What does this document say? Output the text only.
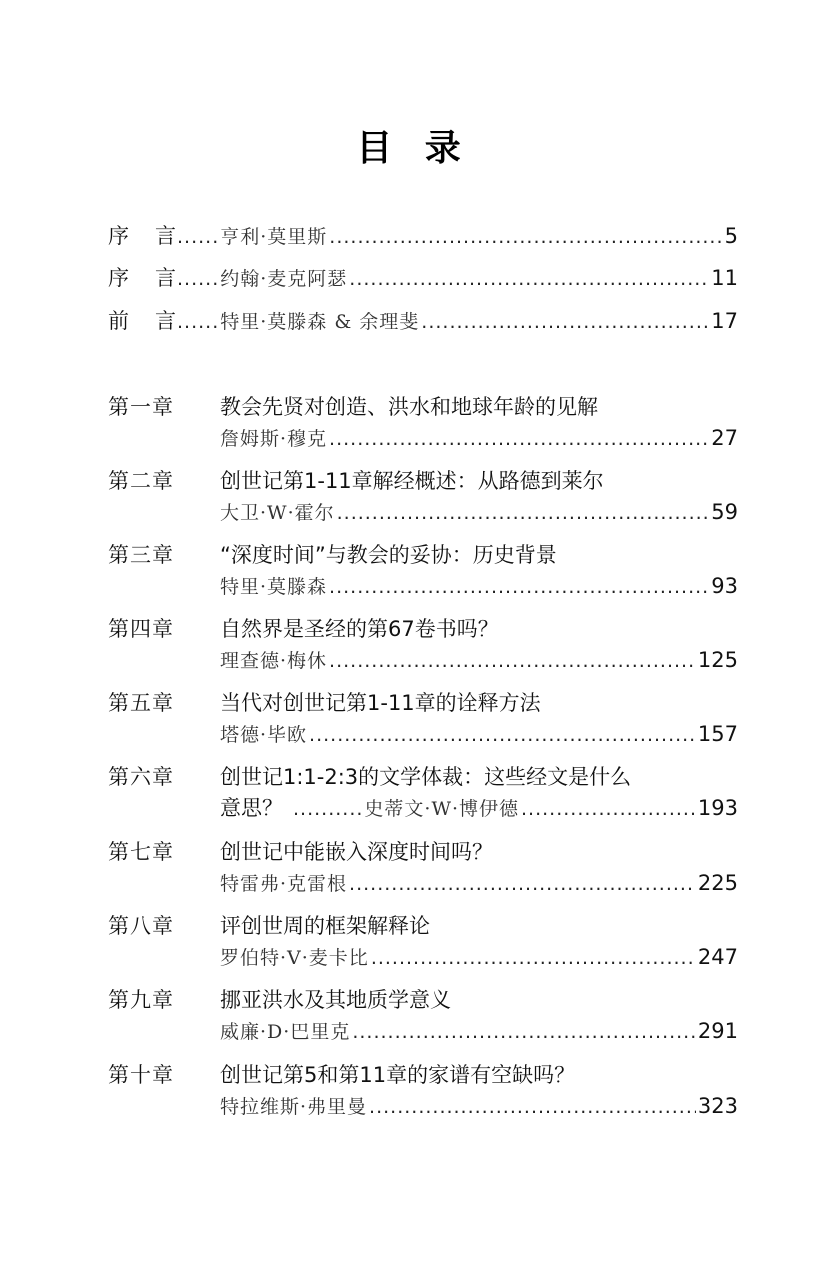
目 录
序 言 ...... 亨利·莫里斯 .....	5
序 言 ...... 约翰·麦克阿瑟 .....	11
前 言 ...... 特里·莫滕森 & 余理斐 .....	17
第一章 教会先贤对创造、洪水和地球年龄的见解
詹姆斯·穆克 .....	27
第二章 创世记第1-11章解经概述：从路德到莱尔
大卫·W·霍尔 .....	59
第三章 “深度时间”与教会的妥协：历史背景
特里·莫滕森 .....	93
第四章 自然界是圣经的第67卷书吗？
理查德·梅休 .....	125
第五章 当代对创世记第1-11章的诠释方法
塔德·毕欧 .....	157
第六章 创世记1:1-2:3的文学体裁：这些经文是什么
意思？ .......... 史蒂文·W·博伊德 .....	193
第七章 创世记中能嵌入深度时间吗？
特雷弗·克雷根 .....	225
第八章 评创世周的框架解释论
罗伯特·V·麦卡比 .....	247
第九章 挪亚洪水及其地质学意义
威廉·D·巴里克 .....	291
第十章 创世记第5和第11章的家谱有空缺吗？
特拉维斯·弗里曼 .....	323
